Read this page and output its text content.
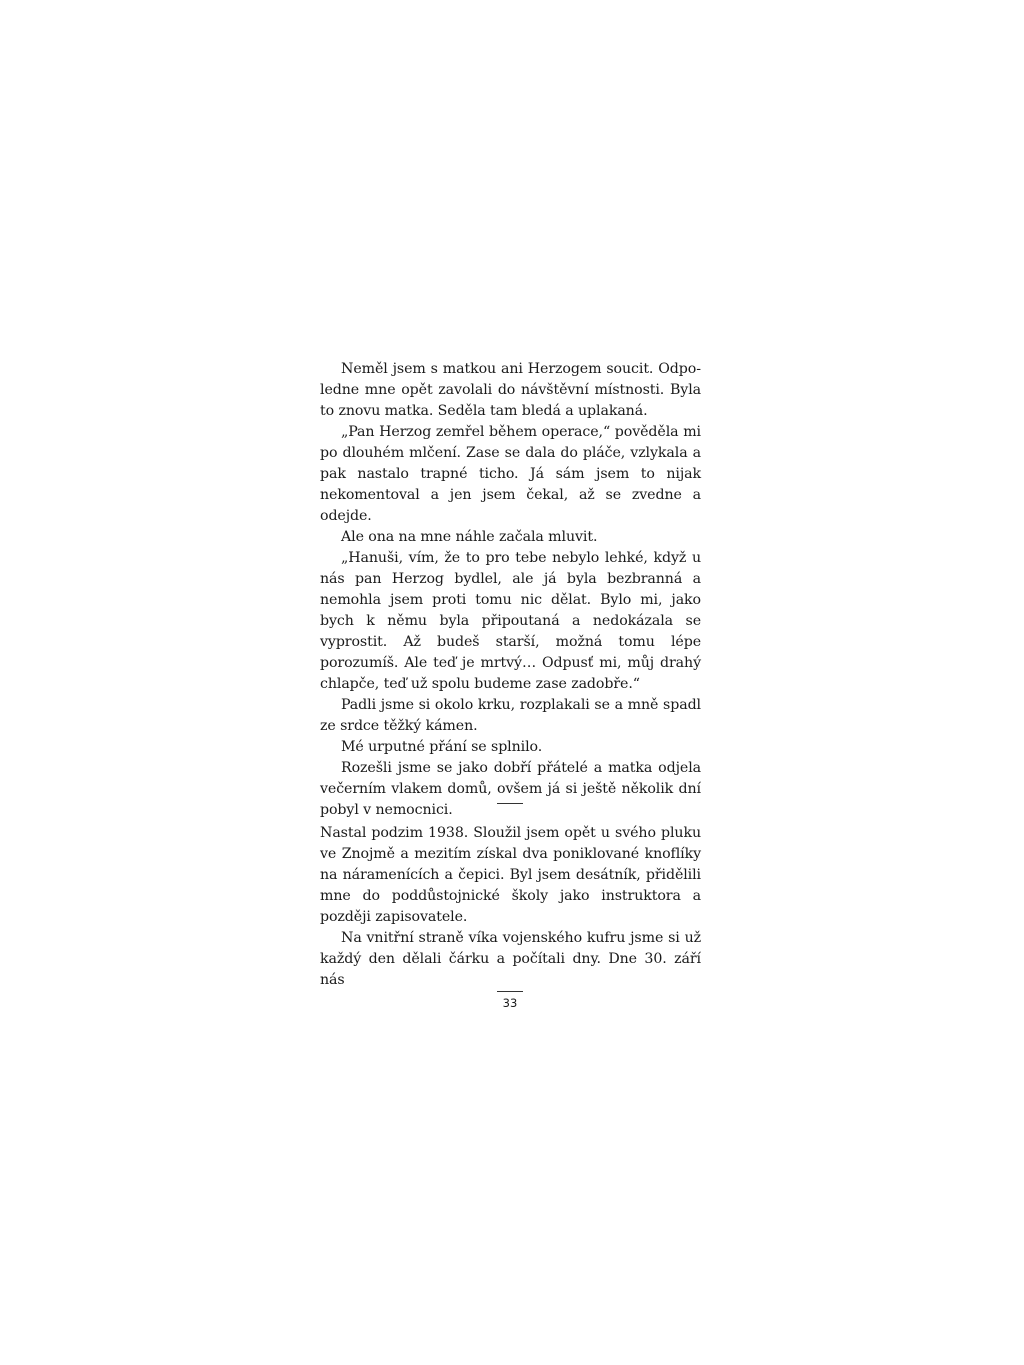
Neměl jsem s matkou ani Herzogem soucit. Odpoledne mne opět zavolali do návštěvní místnosti. Byla to znovu matka. Seděla tam bledá a uplakaná.

„Pan Herzog zemřel během operace,“ pověděla mi po dlouhém mlčení. Zase se dala do pláče, vzlykala a pak nastalo trapné ticho. Já sám jsem to nijak nekomentoval a jen jsem čekal, až se zvedne a odejde.

Ale ona na mne náhle začala mluvit.

„Hanuši, vím, že to pro tebe nebylo lehké, když u nás pan Herzog bydlel, ale já byla bezbranná a nemohla jsem proti tomu nic dělat. Bylo mi, jako bych k němu byla připoutaná a nedokázala se vyprostit. Až budeš starší, možná tomu lépe porozumíš. Ale teď je mrtvý… Odpusť mi, můj drahý chlapče, teď už spolu budeme zase zadobře.“

Padli jsme si okolo krku, rozplakali se a mně spadl ze srdce těžký kámen.

Mé urputné přání se splnilo.

Rozešli jsme se jako dobří přátelé a matka odjela večerním vlakem domů, ovšem já si ještě několik dní pobyl v nemocnici.

Nastal podzim 1938. Sloužil jsem opět u svého pluku ve Znojmě a mezitím získal dva poniklované knoflíky na náramenících a čepici. Byl jsem desátník, přidělili mne do poddůstojnické školy jako instruktora a později zapisovatele.

Na vnitřní straně víka vojenského kufru jsme si už každý den dělali čárku a počítali dny. Dne 30. září nás

33
